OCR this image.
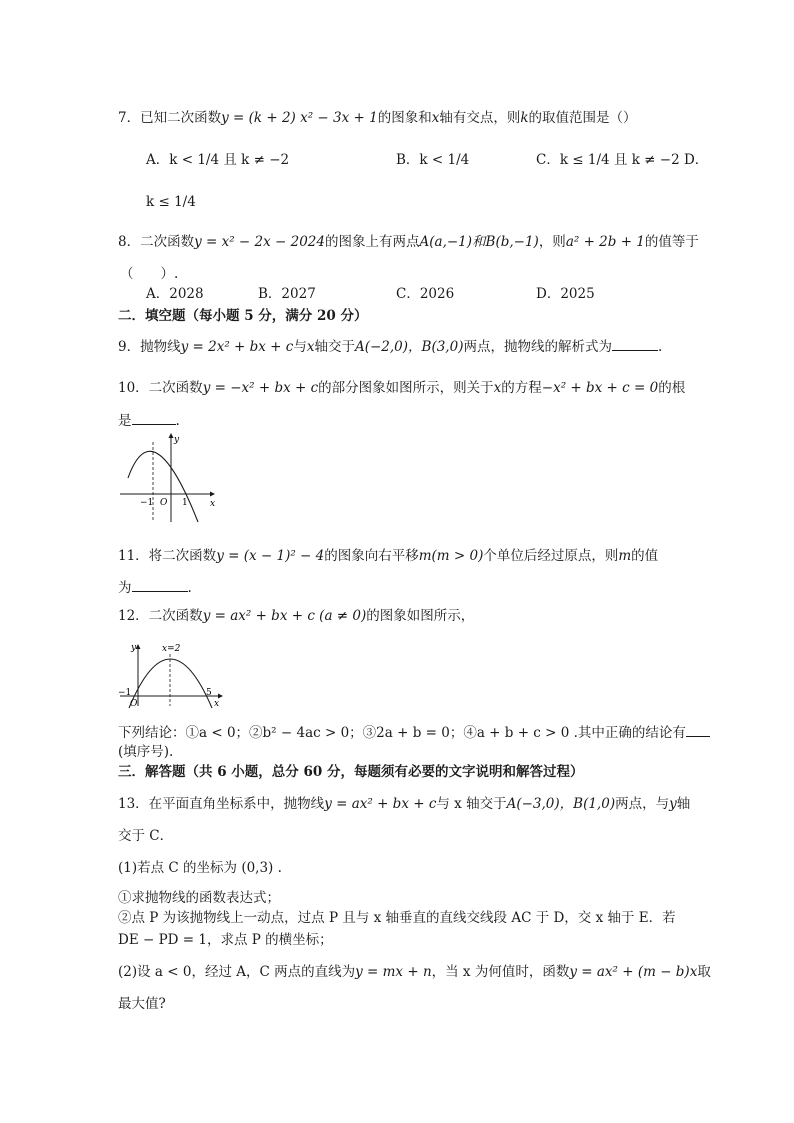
7．已知二次函数y = (k + 2) x² − 3x + 1的图象和x轴有交点，则k的取值范围是（）
A．k < 1/4 且 k ≠ −2	B．k < 1/4	C．k ≤ 1/4 且 k ≠ −2 D．
k ≤ 1/4
8．二次函数y = x² − 2x − 2024的图象上有两点A(a,−1)和B(b,−1)，则a² + 2b + 1的值等于
（　　）.
A．2028	B．2027	C．2026	D．2025
二．填空题（每小题 5 分，满分 20 分）
9．抛物线y = 2x² + bx + c与x轴交于A(−2,0)，B(3,0)两点，抛物线的解析式为	.
10．二次函数y = −x² + bx + c的部分图象如图所示，则关于x的方程−x² + bx + c = 0的根
是	.
y
x
O
−1	1
11．将二次函数y = (x − 1)² − 4的图象向右平移m(m > 0)个单位后经过原点，则m的值
为	.
12．二次函数y = ax² + bx + c (a ≠ 0)的图象如图所示，
y	x=2
x
O
−1	5
下列结论：①a < 0；②b² − 4ac > 0；③2a + b = 0；④a + b + c > 0 .其中正确的结论有
(填序号).
三．解答题（共 6 小题，总分 60 分，每题须有必要的文字说明和解答过程）
13．在平面直角坐标系中，抛物线y = ax² + bx + c与 x 轴交于A(−3,0)，B(1,0)两点，与y轴
交于 C．
(1)若点 C 的坐标为 (0,3) .
①求抛物线的函数表达式；
②点 P 为该抛物线上一动点，过点 P 且与 x 轴垂直的直线交线段 AC 于 D，交 x 轴于 E．若
DE − PD = 1，求点 P 的横坐标；
(2)设 a < 0，经过 A，C 两点的直线为y = mx + n，当 x 为何值时，函数y = ax² + (m − b)x取
最大值?
